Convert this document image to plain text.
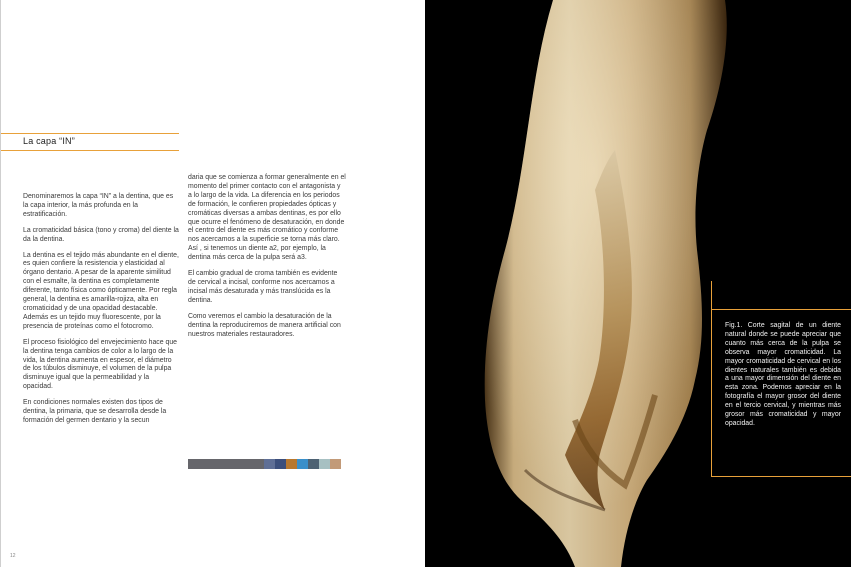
La capa “IN”

Denominaremos la capa “IN” a la dentina, que es la capa interior, la más profunda en la estratificación.

La cromaticidad básica (tono y croma) del diente la da la dentina.

La dentina es el tejido más abundante en el diente, es quien confiere la resistencia y elasticidad al órgano dentario. A pesar de la aparente similitud con el esmalte, la dentina es completamente diferente, tanto física como ópticamente. Por regla general, la dentina es amarilla-rojiza, alta en cromaticidad y de una opacidad destacable. Además es un tejido muy fluorescente, por la presencia de proteínas como el fotocromo.

El proceso fisiológico del envejecimiento hace que la dentina tenga cambios de color a lo largo de la vida, la dentina aumenta en espesor, el diámetro de los túbulos disminuye, el volumen de la pulpa disminuye igual que la permeabilidad y la opacidad.

En condiciones normales existen dos tipos de dentina, la primaria, que se desarrolla desde la formación del germen dentario y la secun

daria que se comienza a formar generalmente en el momento del primer contacto con el antagonista y a lo largo de la vida. La diferencia en los periodos de formación, le confieren propiedades ópticas y cromáticas diversas a ambas dentinas, es por ello que ocurre el fenómeno de desaturación, en donde el centro del diente es más cromático y conforme nos acercamos a la superficie se torna más claro. Así , si tenemos un diente a2, por ejemplo, la dentina más cerca de la pulpa será a3.

El cambio gradual de croma también es evidente de cervical a incisal, conforme nos acercamos a incisal más desaturada y más translúcida es la dentina.

Como veremos el cambio la desaturación de la dentina la reproduciremos de manera artificial con nuestros materiales restauradores.

12
Fig.1. Corte sagital de un diente natural donde se puede apreciar que cuanto más cerca de la pulpa se observa mayor cromaticidad. La mayor cromaticidad de cervical en los dientes naturales también es debida a una mayor dimensión del diente en esta zona. Podemos apreciar en la fotografía el mayor grosor del diente en el tercio cervical, y mientras más grosor más cromaticidad y mayor opacidad.
